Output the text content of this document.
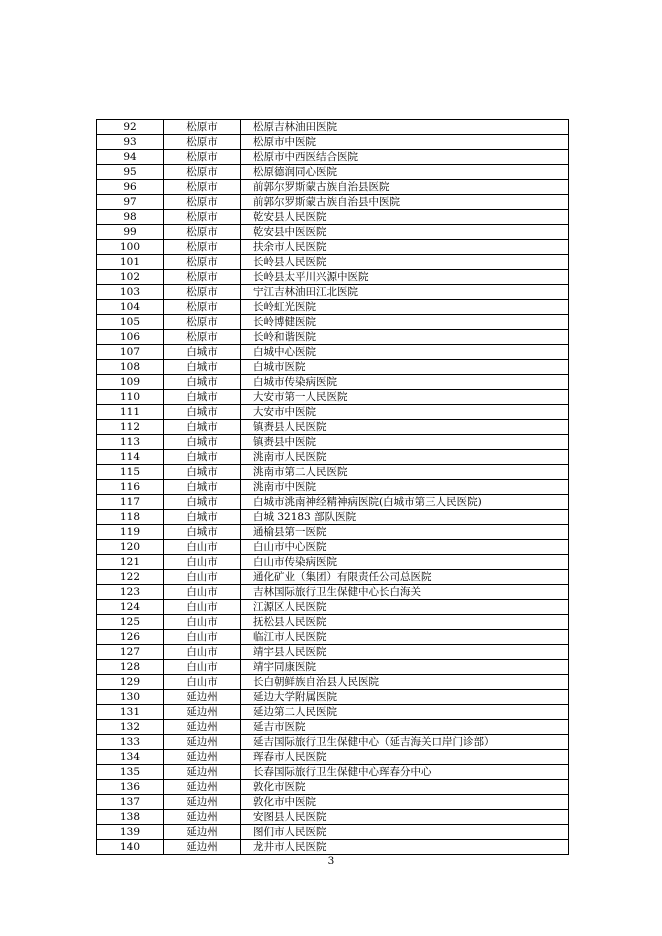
92	松原市	松原吉林油田医院
93	松原市	松原市中医院
94	松原市	松原市中西医结合医院
95	松原市	松原德润同心医院
96	松原市	前郭尔罗斯蒙古族自治县医院
97	松原市	前郭尔罗斯蒙古族自治县中医院
98	松原市	乾安县人民医院
99	松原市	乾安县中医医院
100	松原市	扶余市人民医院
101	松原市	长岭县人民医院
102	松原市	长岭县太平川兴源中医院
103	松原市	宁江吉林油田江北医院
104	松原市	长岭虹光医院
105	松原市	长岭博健医院
106	松原市	长岭和谐医院
107	白城市	白城中心医院
108	白城市	白城市医院
109	白城市	白城市传染病医院
110	白城市	大安市第一人民医院
111	白城市	大安市中医院
112	白城市	镇赉县人民医院
113	白城市	镇赉县中医院
114	白城市	洮南市人民医院
115	白城市	洮南市第二人民医院
116	白城市	洮南市中医院
117	白城市	白城市洮南神经精神病医院(白城市第三人民医院)
118	白城市	白城 32183 部队医院
119	白城市	通榆县第一医院
120	白山市	白山市中心医院
121	白山市	白山市传染病医院
122	白山市	通化矿业（集团）有限责任公司总医院
123	白山市	吉林国际旅行卫生保健中心长白海关
124	白山市	江源区人民医院
125	白山市	抚松县人民医院
126	白山市	临江市人民医院
127	白山市	靖宇县人民医院
128	白山市	靖宇同康医院
129	白山市	长白朝鲜族自治县人民医院
130	延边州	延边大学附属医院
131	延边州	延边第二人民医院
132	延边州	延吉市医院
133	延边州	延吉国际旅行卫生保健中心（延吉海关口岸门诊部）
134	延边州	珲春市人民医院
135	延边州	长春国际旅行卫生保健中心珲春分中心
136	延边州	敦化市医院
137	延边州	敦化市中医院
138	延边州	安图县人民医院
139	延边州	图们市人民医院
140	延边州	龙井市人民医院
3
